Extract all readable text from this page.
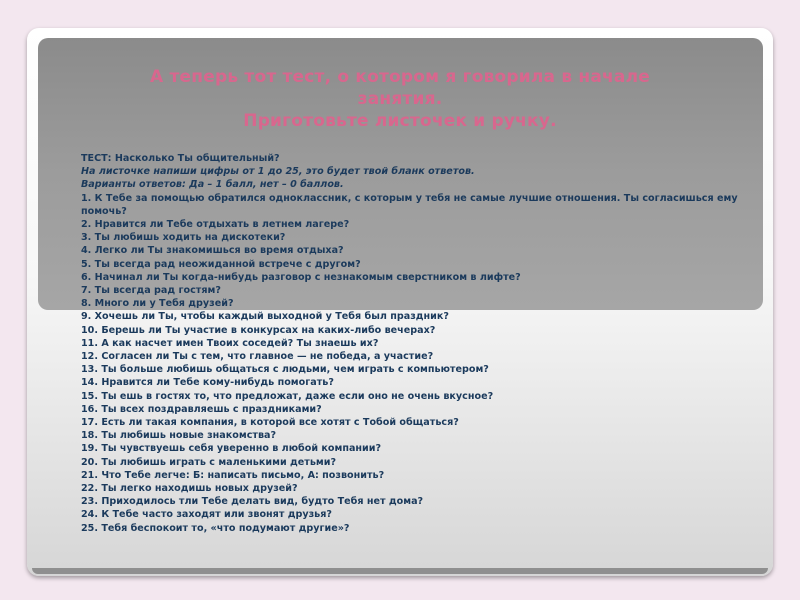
А теперь тот тест, о котором я говорила в начале
занятия.
Приготовьте листочек и ручку.
ТЕСТ: Насколько Ты общительный?
На листочке напиши цифры от 1 до 25, это будет твой бланк ответов.
Варианты ответов: Да – 1 балл, нет – 0 баллов.
1. К Тебе за помощью обратился одноклассник, с которым у тебя не самые лучшие отношения. Ты согласишься ему помочь?
2. Нравится ли Тебе отдыхать в летнем лагере?
3. Ты любишь ходить на дискотеки?
4. Легко ли Ты знакомишься во время отдыха?
5. Ты всегда рад неожиданной встрече с другом?
6. Начинал ли Ты когда-нибудь разговор с незнакомым сверстником в лифте?
7. Ты всегда рад гостям?
8. Много ли у Тебя друзей?
9. Хочешь ли Ты, чтобы каждый выходной у Тебя был праздник?
10. Берешь ли Ты участие в конкурсах на каких-либо вечерах?
11. А как насчет имен Твоих соседей? Ты знаешь их?
12. Согласен ли Ты с тем, что главное — не победа, а участие?
13. Ты больше любишь общаться с людьми, чем играть с компьютером?
14. Нравится ли Тебе кому-нибудь помогать?
15. Ты ешь в гостях то, что предложат, даже если оно не очень вкусное?
16. Ты всех поздравляешь с праздниками?
17. Есть ли такая компания, в которой все хотят с Тобой общаться?
18. Ты любишь новые знакомства?
19. Ты чувствуешь себя уверенно в любой компании?
20. Ты любишь играть с маленькими детьми?
21. Что Тебе легче: Б: написать письмо, А: позвонить?
22. Ты легко находишь новых друзей?
23. Приходилось тли Тебе делать вид, будто Тебя нет дома?
24. К Тебе часто заходят или звонят друзья?
25. Тебя беспокоит то, «что подумают другие»?
